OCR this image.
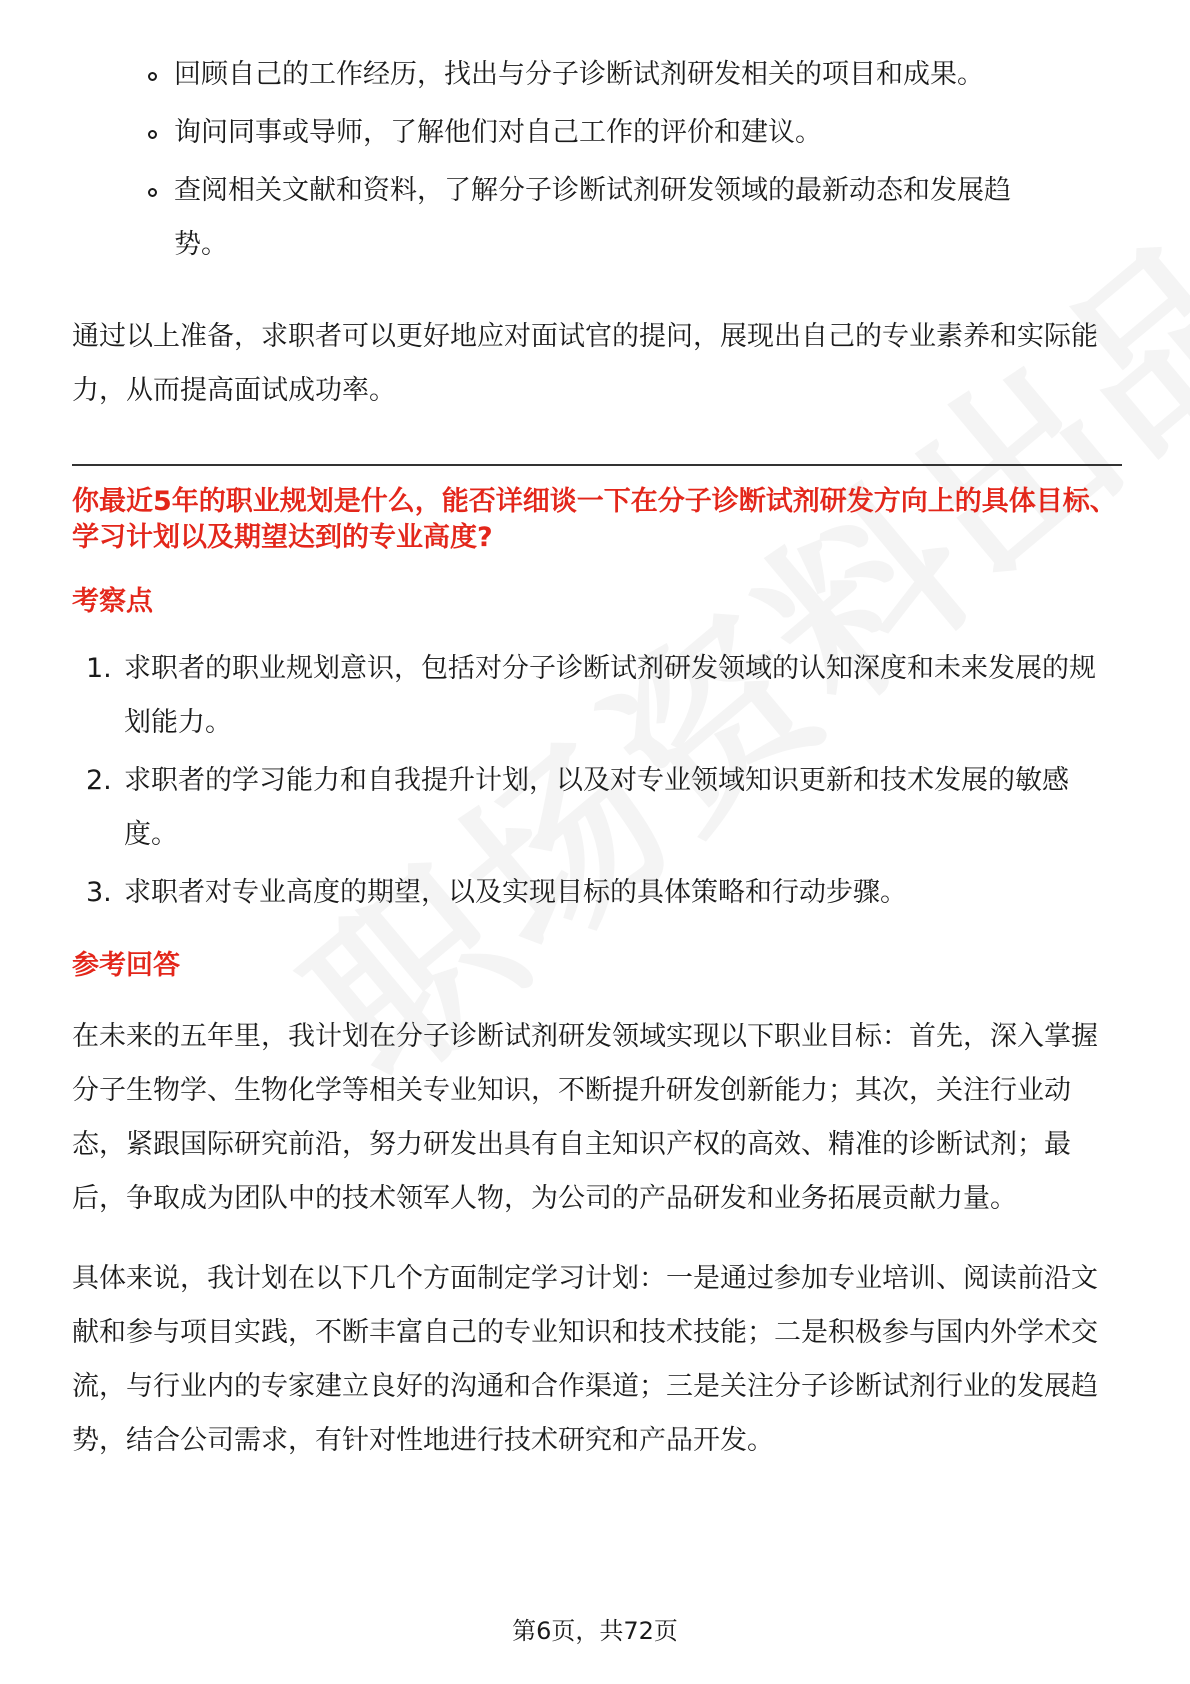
回顾自己的工作经历，找出与分子诊断试剂研发相关的项目和成果。
询问同事或导师，了解他们对自己工作的评价和建议。
查阅相关文献和资料，了解分子诊断试剂研发领域的最新动态和发展趋势。

通过以上准备，求职者可以更好地应对面试官的提问，展现出自己的专业素养和实际能力，从而提高面试成功率。

你最近5年的职业规划是什么，能否详细谈一下在分子诊断试剂研发方向上的具体目标、学习计划以及期望达到的专业高度?

考察点

1. 求职者的职业规划意识，包括对分子诊断试剂研发领域的认知深度和未来发展的规划能力。
2. 求职者的学习能力和自我提升计划，以及对专业领域知识更新和技术发展的敏感度。
3. 求职者对专业高度的期望，以及实现目标的具体策略和行动步骤。

参考回答

在未来的五年里，我计划在分子诊断试剂研发领域实现以下职业目标：首先，深入掌握分子生物学、生物化学等相关专业知识，不断提升研发创新能力；其次，关注行业动态，紧跟国际研究前沿，努力研发出具有自主知识产权的高效、精准的诊断试剂；最后，争取成为团队中的技术领军人物，为公司的产品研发和业务拓展贡献力量。

具体来说，我计划在以下几个方面制定学习计划：一是通过参加专业培训、阅读前沿文献和参与项目实践，不断丰富自己的专业知识和技术技能；二是积极参与国内外学术交流，与行业内的专家建立良好的沟通和合作渠道；三是关注分子诊断试剂行业的发展趋势，结合公司需求，有针对性地进行技术研究和产品开发。

第6页，共72页
